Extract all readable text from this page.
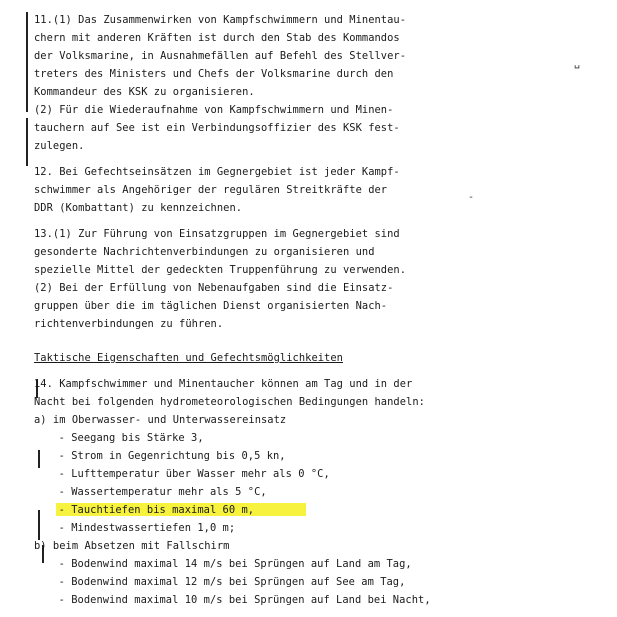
␣
-
11.(1) Das Zusammenwirken von Kampfschwimmern und Minentau-
chern mit anderen Kräften ist durch den Stab des Kommandos
der Volksmarine, in Ausnahmefällen auf Befehl des Stellver-
treters des Ministers und Chefs der Volksmarine durch den
Kommandeur des KSK zu organisieren.
(2) Für die Wiederaufnahme von Kampfschwimmern und Minen-
tauchern auf See ist ein Verbindungsoffizier des KSK fest-
zulegen.
12. Bei Gefechtseinsätzen im Gegnergebiet ist jeder Kampf-
schwimmer als Angehöriger der regulären Streitkräfte der
DDR (Kombattant) zu kennzeichnen.
13.(1) Zur Führung von Einsatzgruppen im Gegnergebiet sind
gesonderte Nachrichtenverbindungen zu organisieren und
spezielle Mittel der gedeckten Truppenführung zu verwenden.
(2) Bei der Erfüllung von Nebenaufgaben sind die Einsatz-
gruppen über die im täglichen Dienst organisierten Nach-
richtenverbindungen zu führen.
Taktische Eigenschaften und Gefechtsmöglichkeiten
14. Kampfschwimmer und Minentaucher können am Tag und in der
Nacht bei folgenden hydrometeorologischen Bedingungen handeln:
a) im Oberwasser- und Unterwassereinsatz
- Seegang bis Stärke 3,
- Strom in Gegenrichtung bis 0,5 kn,
- Lufttemperatur über Wasser mehr als 0 °C,
- Wassertemperatur mehr als 5 °C,
- Tauchtiefen bis maximal 60 m,
- Mindestwassertiefen 1,0 m;
b) beim Absetzen mit Fallschirm
- Bodenwind maximal 14 m/s bei Sprüngen auf Land am Tag,
- Bodenwind maximal 12 m/s bei Sprüngen auf See am Tag,
- Bodenwind maximal 10 m/s bei Sprüngen auf Land bei Nacht,
